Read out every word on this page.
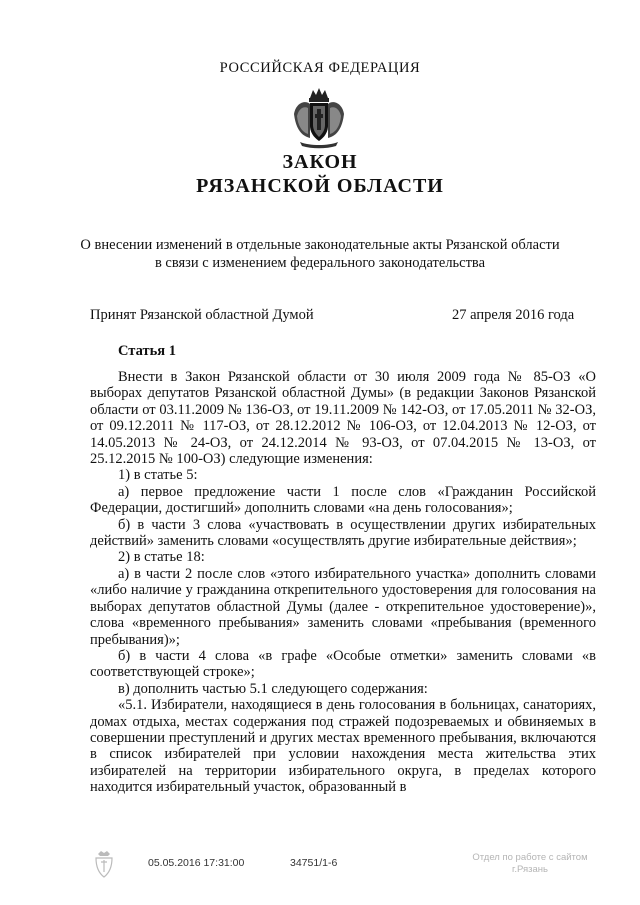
РОССИЙСКАЯ ФЕДЕРАЦИЯ
ЗАКОН
РЯЗАНСКОЙ ОБЛАСТИ
О внесении изменений в отдельные законодательные акты Рязанской области
в связи с изменением федерального законодательства
Принят Рязанской областной Думой	27 апреля 2016 года
Статья 1

Внести в Закон Рязанской области от 30 июля 2009 года № 85-ОЗ «О выборах депутатов Рязанской областной Думы» (в редакции Законов Рязанской области от 03.11.2009 № 136-ОЗ, от 19.11.2009 № 142-ОЗ, от 17.05.2011 № 32-ОЗ, от 09.12.2011 № 117-ОЗ, от 28.12.2012 № 106-ОЗ, от 12.04.2013 № 12-ОЗ, от 14.05.2013 № 24-ОЗ, от 24.12.2014 № 93-ОЗ, от 07.04.2015 № 13-ОЗ, от 25.12.2015 № 100-ОЗ) следующие изменения:

1) в статье 5:

а) первое предложение части 1 после слов «Гражданин Российской Федерации, достигший» дополнить словами «на день голосования»;

б) в части 3 слова «участвовать в осуществлении других избирательных действий» заменить словами «осуществлять другие избирательные действия»;

2) в статье 18:

а) в части 2 после слов «этого избирательного участка» дополнить словами «либо наличие у гражданина открепительного удостоверения для голосования на выборах депутатов областной Думы (далее - открепительное удостоверение)», слова «временного пребывания» заменить словами «пребывания (временного пребывания)»;

б) в части 4 слова «в графе «Особые отметки» заменить словами «в соответствующей строке»;

в) дополнить частью 5.1 следующего содержания:

«5.1. Избиратели, находящиеся в день голосования в больницах, санаториях, домах отдыха, местах содержания под стражей подозреваемых и обвиняемых в совершении преступлений и других местах временного пребывания, включаются в список избирателей при условии нахождения места жительства этих избирателей на территории избирательного округа, в пределах которого находится избирательный участок, образованный в

05.05.2016 17:31:00	34751/1-6	Отдел по работе с сайтом
г.Рязань
